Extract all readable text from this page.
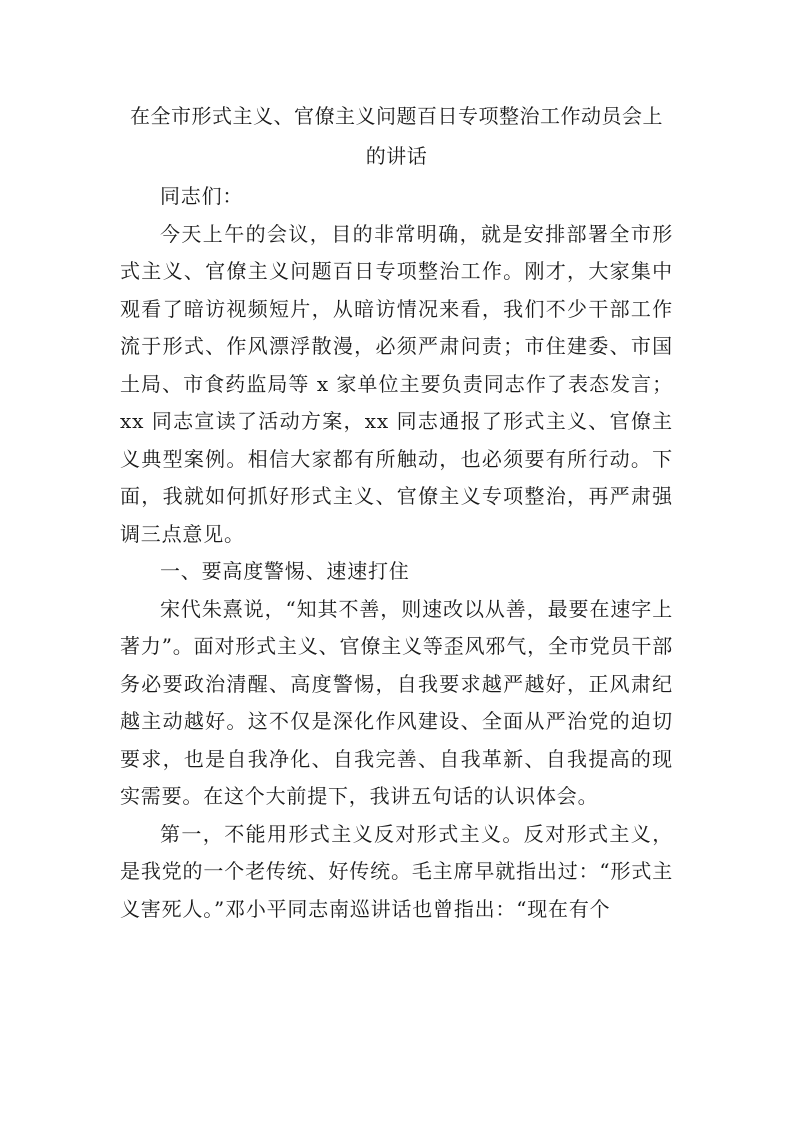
在全市形式主义、官僚主义问题百日专项整治工作动员会上的讲话

同志们：

今天上午的会议，目的非常明确，就是安排部署全市形式主义、官僚主义问题百日专项整治工作。刚才，大家集中观看了暗访视频短片，从暗访情况来看，我们不少干部工作流于形式、作风漂浮散漫，必须严肃问责；市住建委、市国土局、市食药监局等 x 家单位主要负责同志作了表态发言；xx 同志宣读了活动方案，xx 同志通报了形式主义、官僚主义典型案例。相信大家都有所触动，也必须要有所行动。下面，我就如何抓好形式主义、官僚主义专项整治，再严肃强调三点意见。

一、要高度警惕、速速打住

宋代朱熹说，“知其不善，则速改以从善，最要在速字上著力”。面对形式主义、官僚主义等歪风邪气，全市党员干部务必要政治清醒、高度警惕，自我要求越严越好，正风肃纪越主动越好。这不仅是深化作风建设、全面从严治党的迫切要求，也是自我净化、自我完善、自我革新、自我提高的现实需要。在这个大前提下，我讲五句话的认识体会。

第一，不能用形式主义反对形式主义。反对形式主义，是我党的一个老传统、好传统。毛主席早就指出过：“形式主义害死人。”邓小平同志南巡讲话也曾指出：“现在有个
